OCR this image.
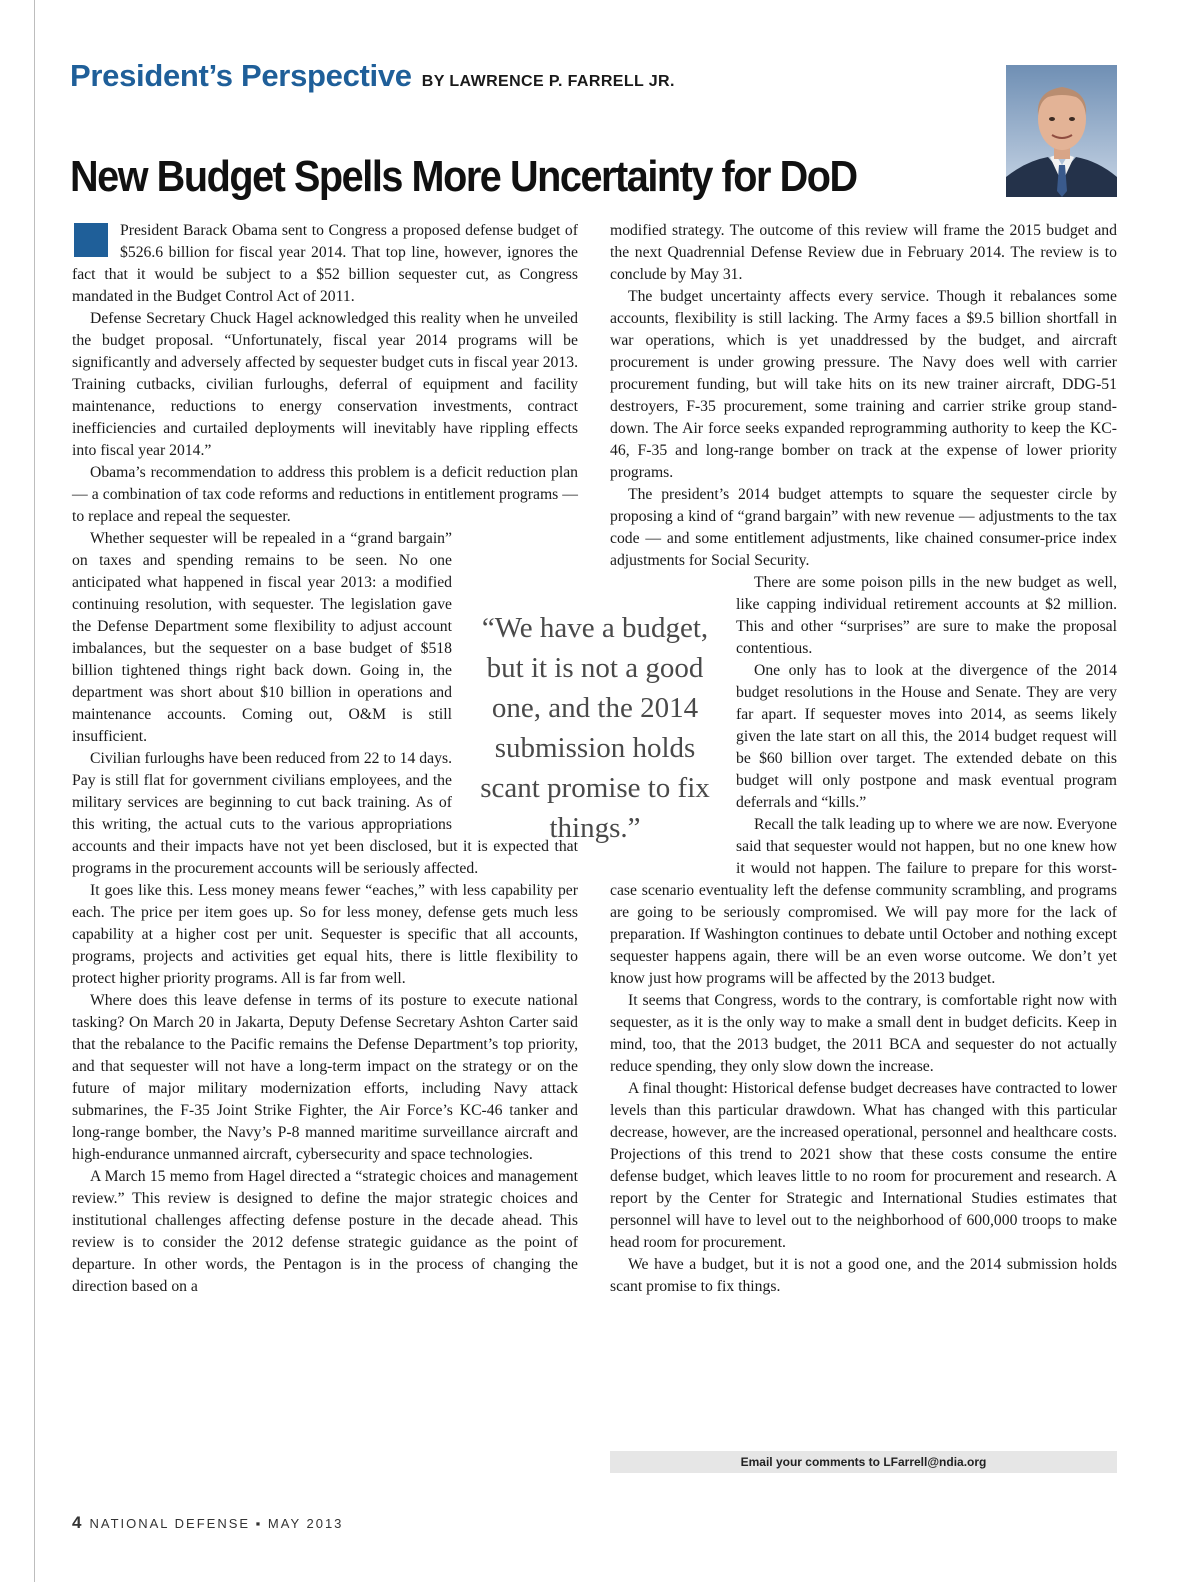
President’s Perspective BY LAWRENCE P. FARRELL JR.
New Budget Spells More Uncertainty for DoD

President Barack Obama sent to Congress a proposed defense budget of $526.6 billion for fiscal year 2014. That top line, however, ignores the fact that it would be subject to a $52 billion sequester cut, as Congress mandated in the Budget Control Act of 2011.

Defense Secretary Chuck Hagel acknowledged this reality when he unveiled the budget proposal. “Unfortunately, fiscal year 2014 programs will be significantly and adversely affected by sequester budget cuts in fiscal year 2013. Training cutbacks, civilian furloughs, deferral of equipment and facility maintenance, reductions to energy conservation investments, contract inefficiencies and curtailed deployments will inevitably have rippling effects into fiscal year 2014.”

Obama’s recommendation to address this problem is a deficit reduction plan — a combination of tax code reforms and reductions in entitlement programs — to replace and repeal the sequester.

Whether sequester will be repealed in a “grand bargain” on taxes and spending remains to be seen. No one anticipated what happened in fiscal year 2013: a modified continuing resolution, with sequester. The legislation gave the Defense Department some flexibility to adjust account imbalances, but the sequester on a base budget of $518 billion tightened things right back down. Going in, the department was short about $10 billion in operations and maintenance accounts. Coming out, O&M is still insufficient.

Civilian furloughs have been reduced from 22 to 14 days. Pay is still flat for government civilians employees, and the military services are beginning to cut back training. As of this writing, the actual cuts to the various appropriations accounts and their impacts have not yet been disclosed, but it is expected that programs in the procurement accounts will be seriously affected.

It goes like this. Less money means fewer “eaches,” with less capability per each. The price per item goes up. So for less money, defense gets much less capability at a higher cost per unit. Sequester is specific that all accounts, programs, projects and activities get equal hits, there is little flexibility to protect higher priority programs. All is far from well.

Where does this leave defense in terms of its posture to execute national tasking? On March 20 in Jakarta, Deputy Defense Secretary Ashton Carter said that the rebalance to the Pacific remains the Defense Department’s top priority, and that sequester will not have a long-term impact on the strategy or on the future of major military modernization efforts, including Navy attack submarines, the F-35 Joint Strike Fighter, the Air Force’s KC-46 tanker and long-range bomber, the Navy’s P-8 manned maritime surveillance aircraft and high-endurance unmanned aircraft, cybersecurity and space technologies.

A March 15 memo from Hagel directed a “strategic choices and management review.” This review is designed to define the major strategic choices and institutional challenges affecting defense posture in the decade ahead. This review is to consider the 2012 defense strategic guidance as the point of departure. In other words, the Pentagon is in the process of changing the direction based on a

modified strategy. The outcome of this review will frame the 2015 budget and the next Quadrennial Defense Review due in February 2014. The review is to conclude by May 31.

The budget uncertainty affects every service. Though it rebalances some accounts, flexibility is still lacking. The Army faces a $9.5 billion shortfall in war operations, which is yet unaddressed by the budget, and aircraft procurement is under growing pressure. The Navy does well with carrier procurement funding, but will take hits on its new trainer aircraft, DDG-51 destroyers, F-35 procurement, some training and carrier strike group stand-down. The Air force seeks expanded reprogramming authority to keep the KC-46, F-35 and long-range bomber on track at the expense of lower priority programs.

The president’s 2014 budget attempts to square the sequester circle by proposing a kind of “grand bargain” with new revenue — adjustments to the tax code — and some entitlement adjustments, like chained consumer-price index adjustments for Social Security.

There are some poison pills in the new budget as well, like capping individual retirement accounts at $2 million. This and other “surprises” are sure to make the proposal contentious.

One only has to look at the divergence of the 2014 budget resolutions in the House and Senate. They are very far apart. If sequester moves into 2014, as seems likely given the late start on all this, the 2014 budget request will be $60 billion over target. The extended debate on this budget will only postpone and mask eventual program deferrals and “kills.”

Recall the talk leading up to where we are now. Everyone said that sequester would not happen, but no one knew how it would not happen. The failure to prepare for this worst-case scenario eventuality left the defense community scrambling, and programs are going to be seriously compromised. We will pay more for the lack of preparation. If Washington continues to debate until October and nothing except sequester happens again, there will be an even worse outcome. We don’t yet know just how programs will be affected by the 2013 budget.

It seems that Congress, words to the contrary, is comfortable right now with sequester, as it is the only way to make a small dent in budget deficits. Keep in mind, too, that the 2013 budget, the 2011 BCA and sequester do not actually reduce spending, they only slow down the increase.

A final thought: Historical defense budget decreases have contracted to lower levels than this particular drawdown. What has changed with this particular decrease, however, are the increased operational, personnel and healthcare costs. Projections of this trend to 2021 show that these costs consume the entire defense budget, which leaves little to no room for procurement and research. A report by the Center for Strategic and International Studies estimates that personnel will have to level out to the neighborhood of 600,000 troops to make head room for procurement.

We have a budget, but it is not a good one, and the 2014 submission holds scant promise to fix things.

“We have a budget, but it is not a good one, and the 2014 submission holds scant promise to fix things.”
Email your comments to LFarrell@ndia.org
4 NATIONAL DEFENSE ▪ MAY 2013
